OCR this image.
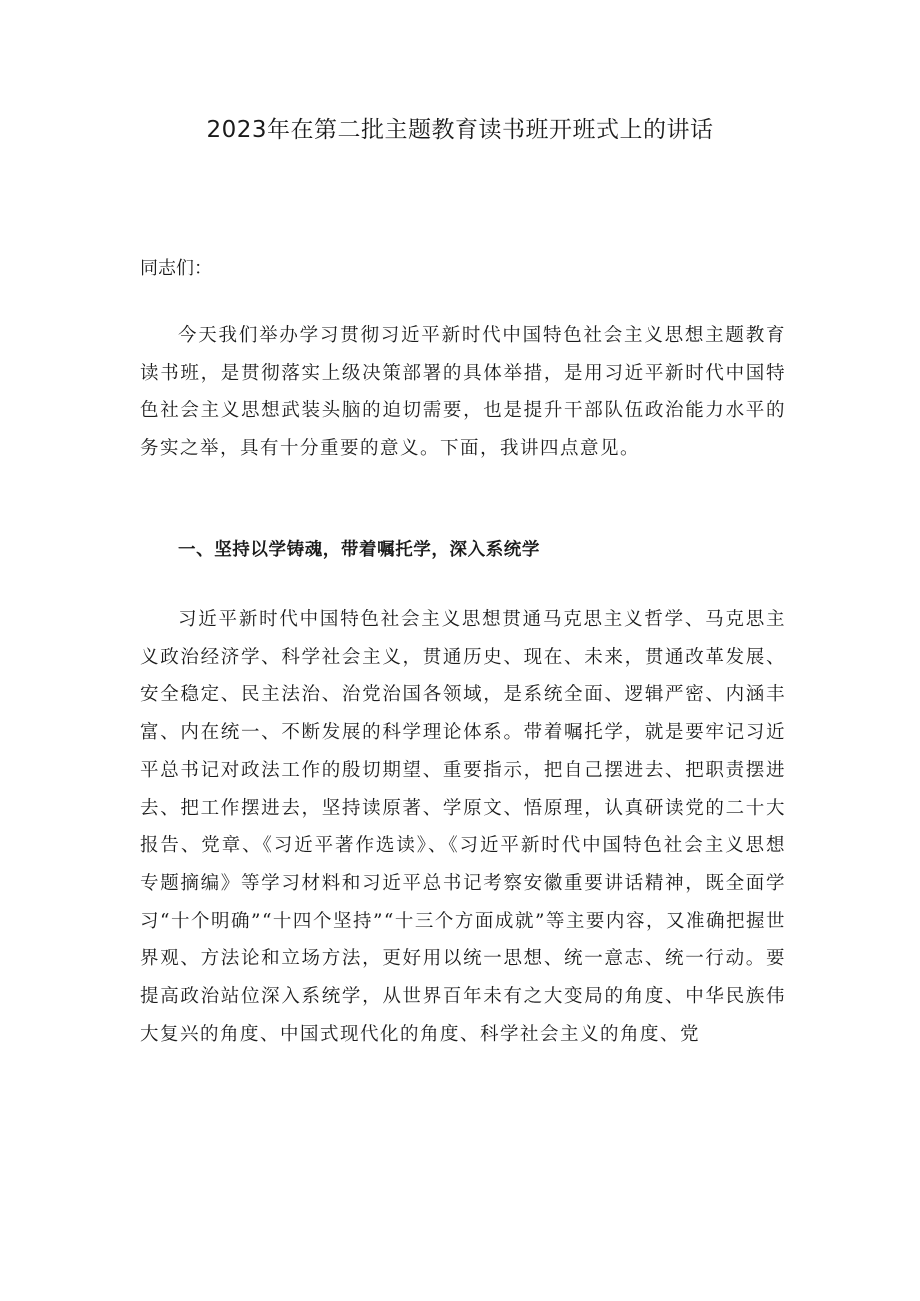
2023年在第二批主题教育读书班开班式上的讲话
同志们：

今天我们举办学习贯彻习近平新时代中国特色社会主义思想主题教育读书班，是贯彻落实上级决策部署的具体举措，是用习近平新时代中国特色社会主义思想武装头脑的迫切需要，也是提升干部队伍政治能力水平的务实之举，具有十分重要的意义。下面，我讲四点意见。

一、坚持以学铸魂，带着嘱托学，深入系统学

习近平新时代中国特色社会主义思想贯通马克思主义哲学、马克思主义政治经济学、科学社会主义，贯通历史、现在、未来，贯通改革发展、安全稳定、民主法治、治党治国各领域，是系统全面、逻辑严密、内涵丰富、内在统一、不断发展的科学理论体系。带着嘱托学，就是要牢记习近平总书记对政法工作的殷切期望、重要指示，把自己摆进去、把职责摆进去、把工作摆进去，坚持读原著、学原文、悟原理，认真研读党的二十大报告、党章、《习近平著作选读》、《习近平新时代中国特色社会主义思想专题摘编》等学习材料和习近平总书记考察安徽重要讲话精神，既全面学习“十个明确”“十四个坚持”“十三个方面成就”等主要内容，又准确把握世界观、方法论和立场方法，更好用以统一思想、统一意志、统一行动。要提高政治站位深入系统学，从世界百年未有之大变局的角度、中华民族伟大复兴的角度、中国式现代化的角度、科学社会主义的角度、党
